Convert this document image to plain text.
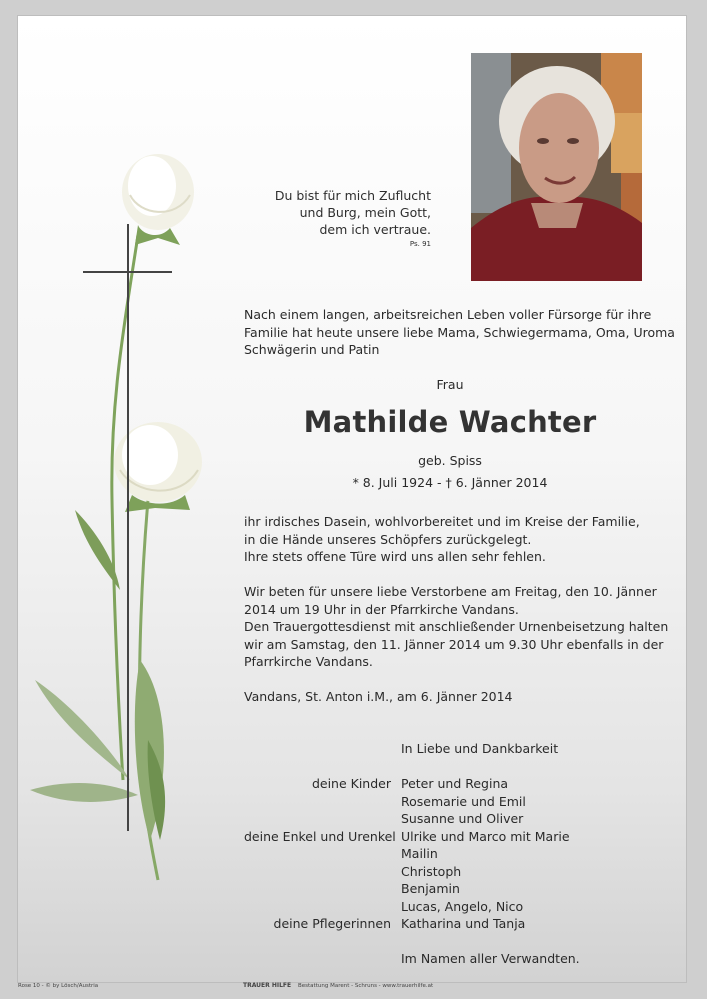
Du bist für mich Zuflucht
und Burg, mein Gott,
dem ich vertraue.
Ps. 91
Nach einem langen, arbeitsreichen Leben voller Fürsorge für ihre
Familie hat heute unsere liebe Mama, Schwiegermama, Oma, Uroma
Schwägerin und Patin
Frau
Mathilde Wachter
geb. Spiss
* 8. Juli 1924 - † 6. Jänner 2014
ihr irdisches Dasein, wohlvorbereitet und im Kreise der Familie,
in die Hände unseres Schöpfers zurückgelegt.
Ihre stets offene Türe wird uns allen sehr fehlen.
Wir beten für unsere liebe Verstorbene am Freitag, den 10. Jänner
2014 um 19 Uhr in der Pfarrkirche Vandans.
Den Trauergottesdienst mit anschließender Urnenbeisetzung halten
wir am Samstag, den 11. Jänner 2014 um 9.30 Uhr ebenfalls in der
Pfarrkirche Vandans.
Vandans, St. Anton i.M., am 6. Jänner 2014
In Liebe und Dankbarkeit
deine Kinder Peter und Regina
Rosemarie und Emil
Susanne und Oliver
deine Enkel und Urenkel Ulrike und Marco mit Marie
Mailin
Christoph
Benjamin
Lucas, Angelo, Nico
deine Pflegerinnen Katharina und Tanja
Im Namen aller Verwandten.
Rose 10 - © by Lösch/Austria	TRAUER HILFE Bestattung Marent - Schruns - www.trauerhilfe.at
